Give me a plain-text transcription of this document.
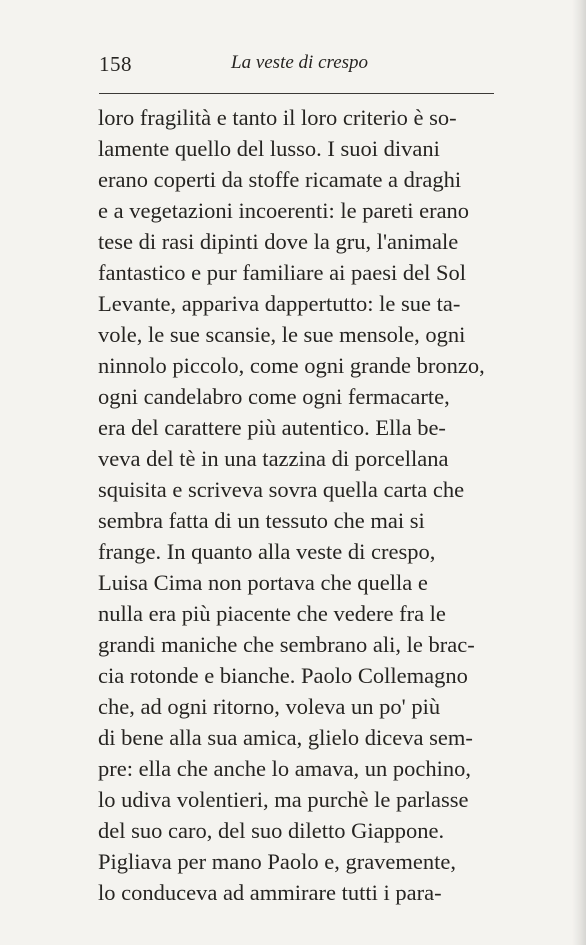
158	La veste di crespo
loro fragilità e tanto il loro criterio è so-
lamente quello del lusso. I suoi divani
erano coperti da stoffe ricamate a draghi
e a vegetazioni incoerenti: le pareti erano
tese di rasi dipinti dove la gru, l'animale
fantastico e pur familiare ai paesi del Sol
Levante, appariva dappertutto: le sue ta-
vole, le sue scansie, le sue mensole, ogni
ninnolo piccolo, come ogni grande bronzo,
ogni candelabro come ogni fermacarte,
era del carattere più autentico. Ella be-
veva del tè in una tazzina di porcellana
squisita e scriveva sovra quella carta che
sembra fatta di un tessuto che mai si
frange. In quanto alla veste di crespo,
Luisa Cima non portava che quella e
nulla era più piacente che vedere fra le
grandi maniche che sembrano ali, le brac-
cia rotonde e bianche. Paolo Collemagno
che, ad ogni ritorno, voleva un po' più
di bene alla sua amica, glielo diceva sem-
pre: ella che anche lo amava, un pochino,
lo udiva volentieri, ma purchè le parlasse
del suo caro, del suo diletto Giappone.
Pigliava per mano Paolo e, gravemente,
lo conduceva ad ammirare tutti i para-
